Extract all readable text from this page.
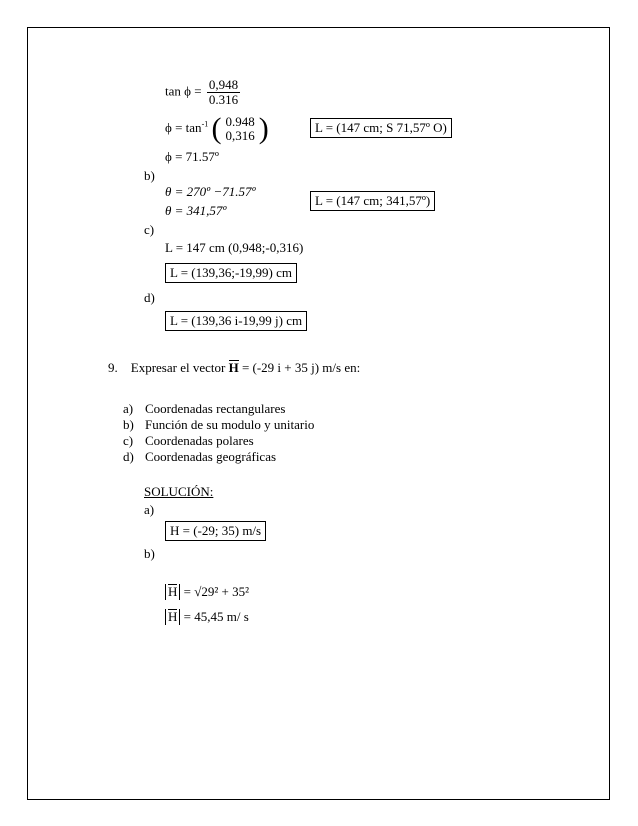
$\tan \phi = \frac{0,948}{0.316}$
$\phi = \tan^{-1}$ ( 0.948
0,316 )	L = (147 cm; S 71,57º O)
ϕ = 71.57º
b)
θ = 270º −71.57º
θ = 341,57º
L = (147 cm; 341,57º)
c)
L = 147 cm (0,948;-0,316)
L = (139,36;-19,99) cm
d)
L = (139,36 i-19,99 j) cm
9. Expresar el vector H = (-29 i + 35 j) m/s en:
a) Coordenadas rectangulares
b) Función de su modulo y unitario
c) Coordenadas polares
d) Coordenadas geográficas
SOLUCIÓN:
a)
H = (-29; 35) m/s
b)
H = √29² + 35²
H = 45,45 m/ s
